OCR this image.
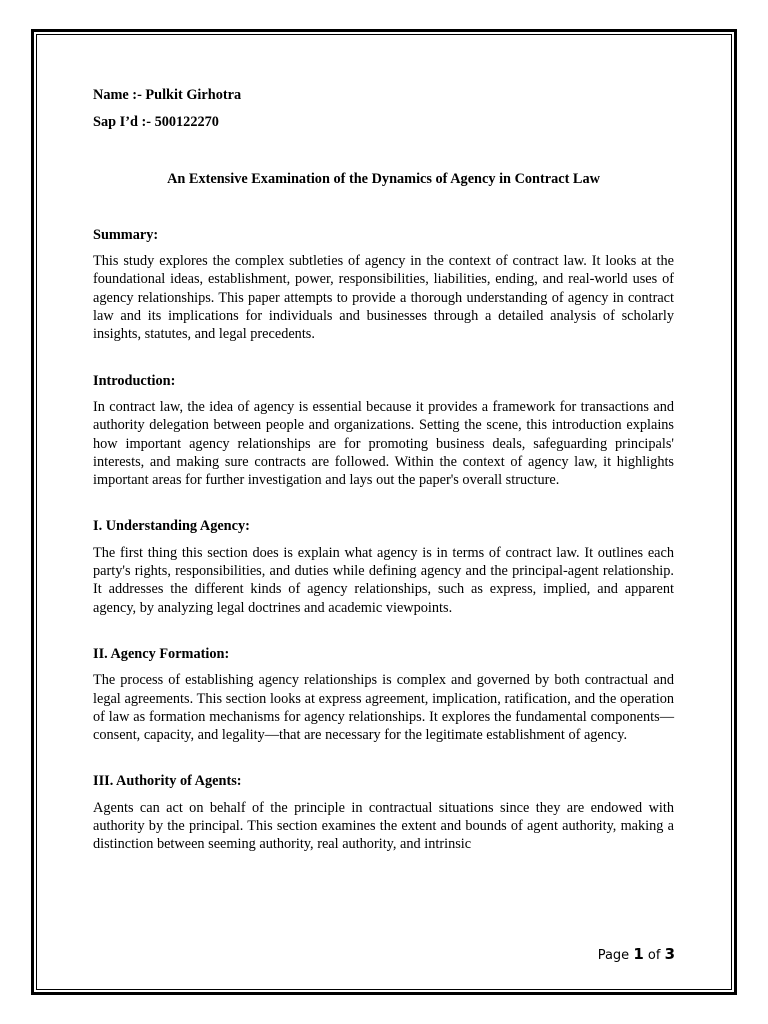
Name :- Pulkit Girhotra

Sap I’d :- 500122270

An Extensive Examination of the Dynamics of Agency in Contract Law

Summary:

This study explores the complex subtleties of agency in the context of contract law. It looks at the foundational ideas, establishment, power, responsibilities, liabilities, ending, and real-world uses of agency relationships. This paper attempts to provide a thorough understanding of agency in contract law and its implications for individuals and businesses through a detailed analysis of scholarly insights, statutes, and legal precedents.

Introduction:

In contract law, the idea of agency is essential because it provides a framework for transactions and authority delegation between people and organizations. Setting the scene, this introduction explains how important agency relationships are for promoting business deals, safeguarding principals' interests, and making sure contracts are followed. Within the context of agency law, it highlights important areas for further investigation and lays out the paper's overall structure.

I. Understanding Agency:

The first thing this section does is explain what agency is in terms of contract law. It outlines each party's rights, responsibilities, and duties while defining agency and the principal-agent relationship. It addresses the different kinds of agency relationships, such as express, implied, and apparent agency, by analyzing legal doctrines and academic viewpoints.

II. Agency Formation:

The process of establishing agency relationships is complex and governed by both contractual and legal agreements. This section looks at express agreement, implication, ratification, and the operation of law as formation mechanisms for agency relationships. It explores the fundamental components—consent, capacity, and legality—that are necessary for the legitimate establishment of agency.

III. Authority of Agents:

Agents can act on behalf of the principle in contractual situations since they are endowed with authority by the principal. This section examines the extent and bounds of agent authority, making a distinction between seeming authority, real authority, and intrinsic

Page 1 of 3
